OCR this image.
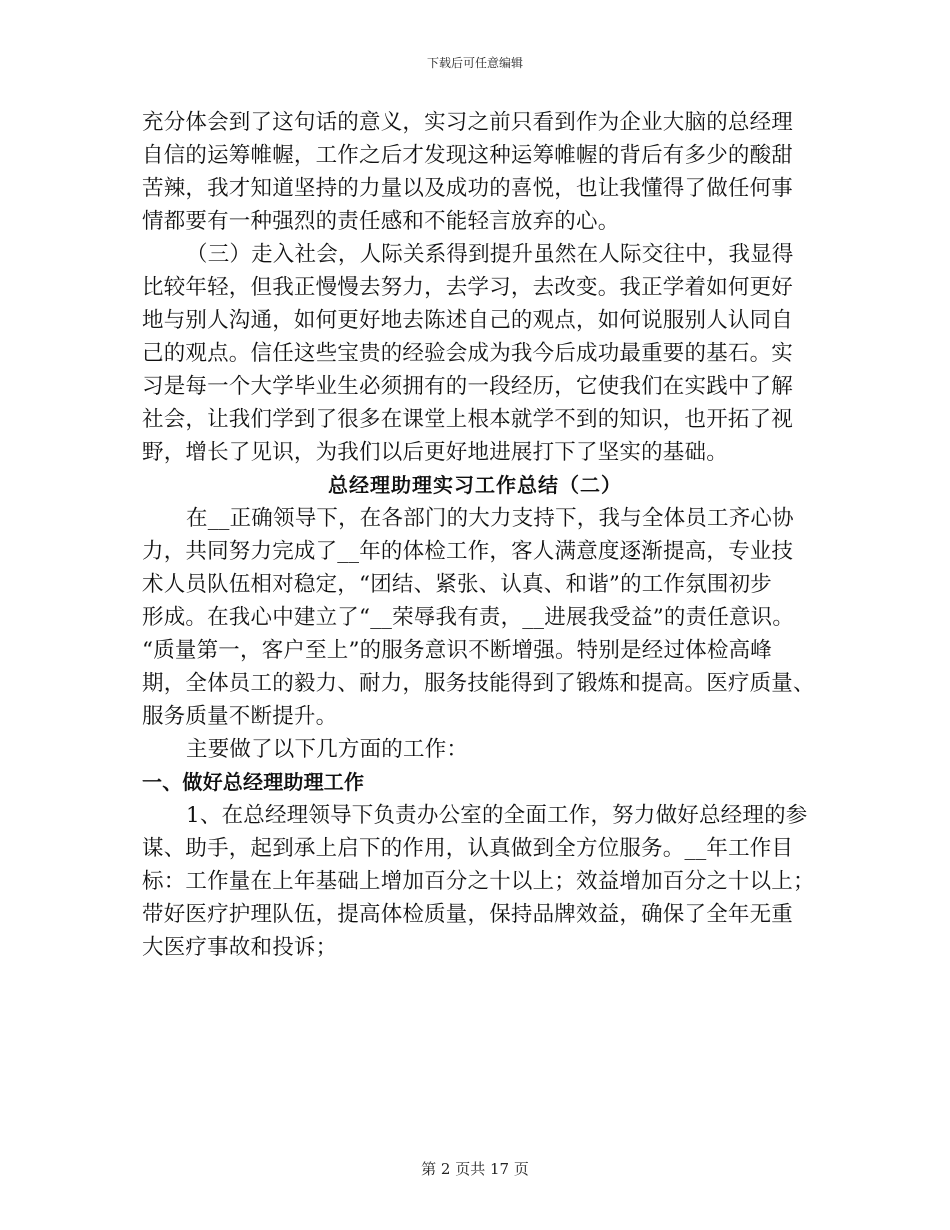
下载后可任意编辑
充分体会到了这句话的意义，实习之前只看到作为企业大脑的总经理
自信的运筹帷幄，工作之后才发现这种运筹帷幄的背后有多少的酸甜
苦辣，我才知道坚持的力量以及成功的喜悦，也让我懂得了做任何事
情都要有一种强烈的责任感和不能轻言放弃的心。
（三）走入社会，人际关系得到提升虽然在人际交往中，我显得
比较年轻，但我正慢慢去努力，去学习，去改变。我正学着如何更好
地与别人沟通，如何更好地去陈述自己的观点，如何说服别人认同自
己的观点。信任这些宝贵的经验会成为我今后成功最重要的基石。实
习是每一个大学毕业生必须拥有的一段经历，它使我们在实践中了解
社会，让我们学到了很多在课堂上根本就学不到的知识，也开拓了视
野，增长了见识，为我们以后更好地进展打下了坚实的基础。
总经理助理实习工作总结（二）
在__正确领导下，在各部门的大力支持下，我与全体员工齐心协
力，共同努力完成了__年的体检工作，客人满意度逐渐提高，专业技
术人员队伍相对稳定，“团结、紧张、认真、和谐”的工作氛围初步
形成。在我心中建立了“__荣辱我有责，__进展我受益”的责任意识。
“质量第一，客户至上”的服务意识不断增强。特别是经过体检高峰
期，全体员工的毅力、耐力，服务技能得到了锻炼和提高。医疗质量、
服务质量不断提升。
主要做了以下几方面的工作：
一、做好总经理助理工作
1、在总经理领导下负责办公室的全面工作，努力做好总经理的参
谋、助手，起到承上启下的作用，认真做到全方位服务。__年工作目
标：工作量在上年基础上增加百分之十以上；效益增加百分之十以上；
带好医疗护理队伍，提高体检质量，保持品牌效益，确保了全年无重
大医疗事故和投诉；
第 2 页共 17 页
